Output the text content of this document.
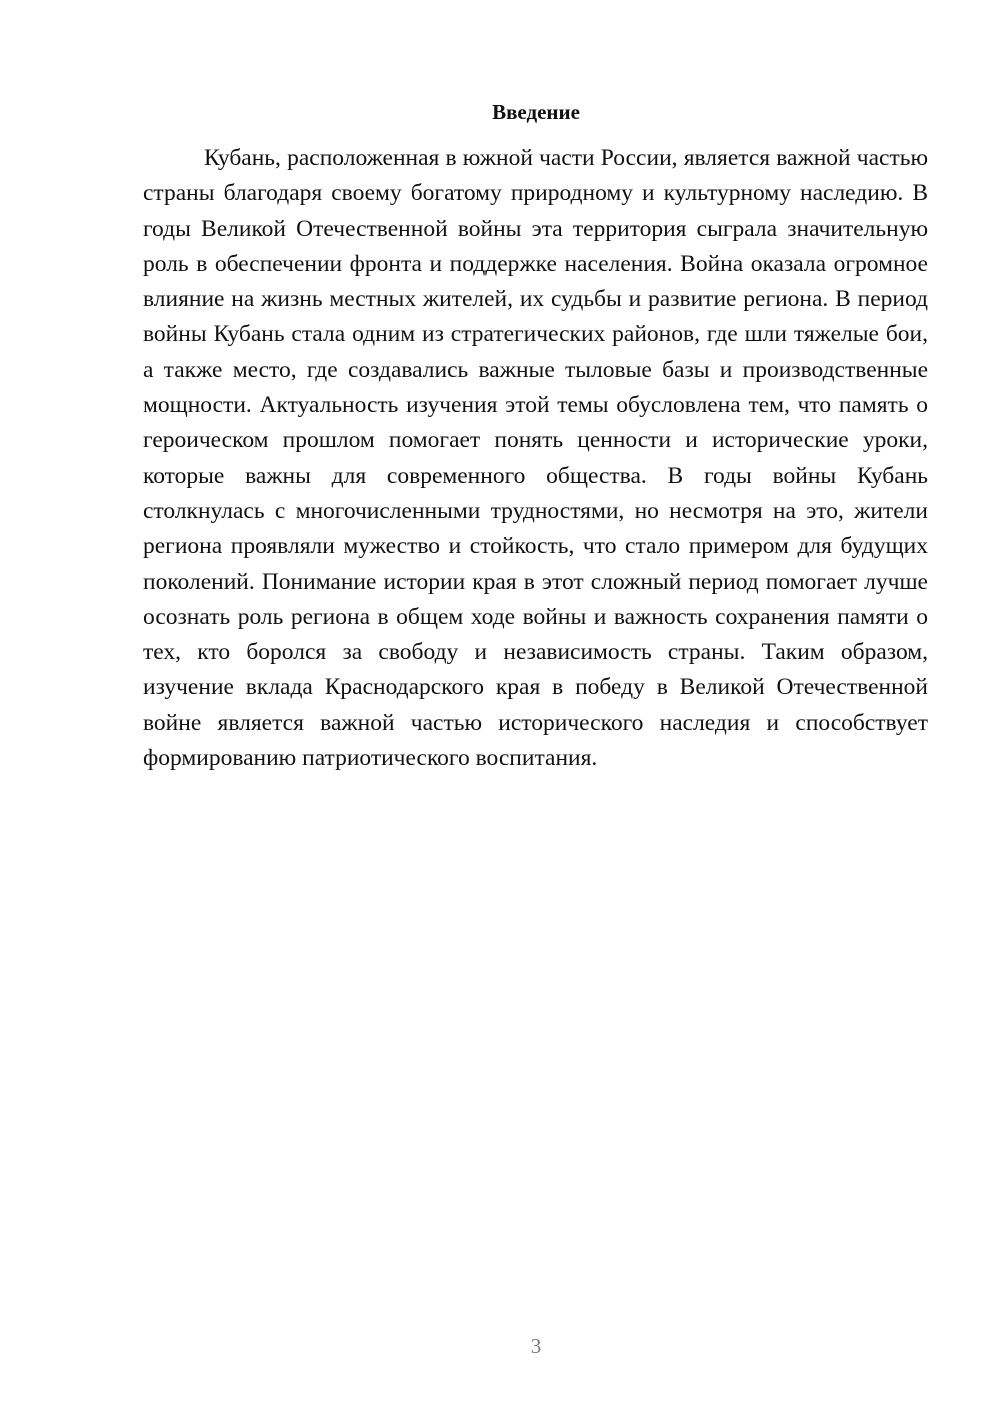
Введение

Кубань, расположенная в южной части России, является важной частью страны благодаря своему богатому природному и культурному наследию. В годы Великой Отечественной войны эта территория сыграла значительную роль в обеспечении фронта и поддержке населения. Война оказала огромное влияние на жизнь местных жителей, их судьбы и развитие региона. В период войны Кубань стала одним из стратегических районов, где шли тяжелые бои, а также место, где создавались важные тыловые базы и производственные мощности. Актуальность изучения этой темы обусловлена тем, что память о героическом прошлом помогает понять ценности и исторические уроки, которые важны для современного общества. В годы войны Кубань столкнулась с многочисленными трудностями, но несмотря на это, жители региона проявляли мужество и стойкость, что стало примером для будущих поколений. Понимание истории края в этот сложный период помогает лучше осознать роль региона в общем ходе войны и важность сохранения памяти о тех, кто боролся за свободу и независимость страны. Таким образом, изучение вклада Краснодарского края в победу в Великой Отечественной войне является важной частью исторического наследия и способствует формированию патриотического воспитания.

3
